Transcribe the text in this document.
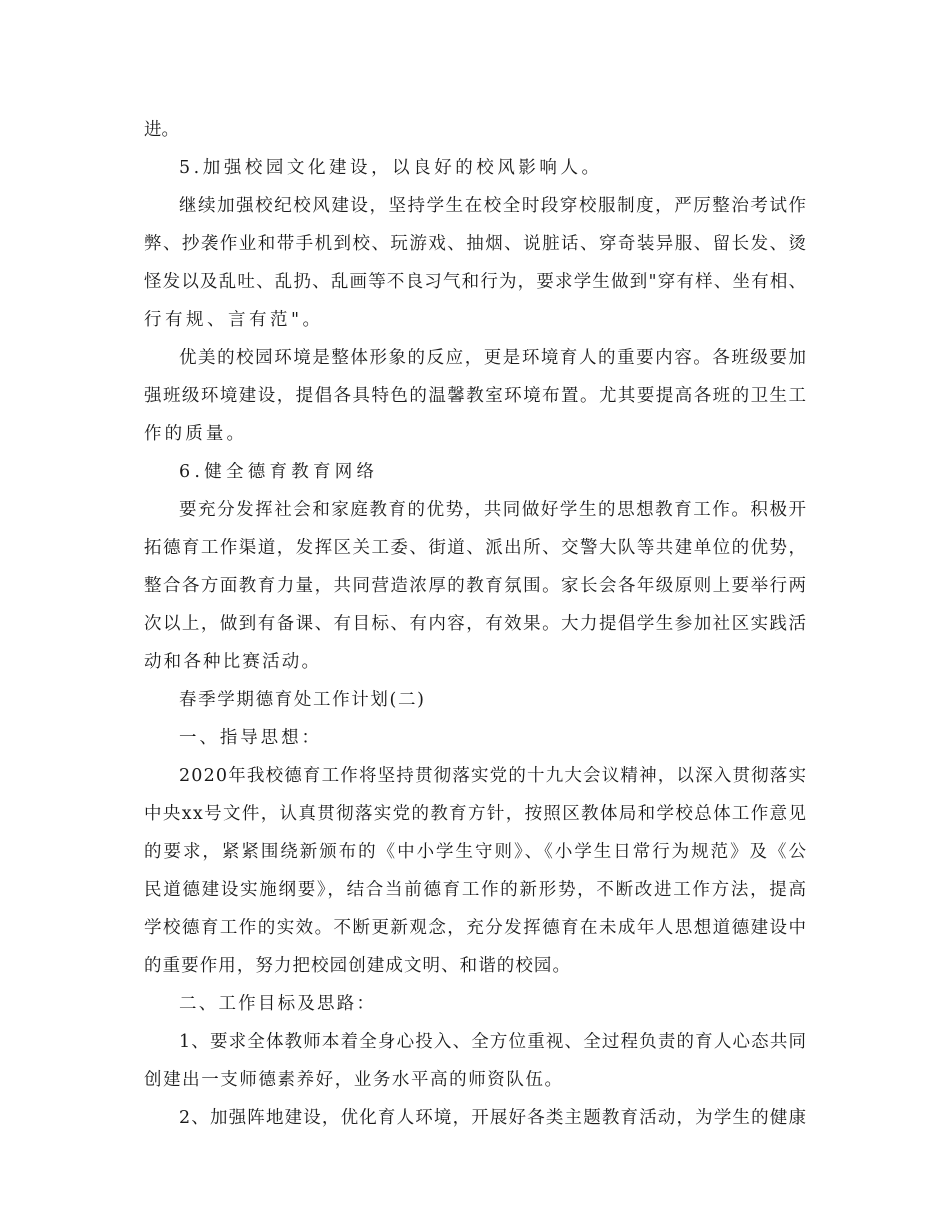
进。
5.加强校园文化建设，以良好的校风影响人。
继续加强校纪校风建设，坚持学生在校全时段穿校服制度，严厉整治考试作
弊、抄袭作业和带手机到校、玩游戏、抽烟、说脏话、穿奇装异服、留长发、烫
怪发以及乱吐、乱扔、乱画等不良习气和行为，要求学生做到"穿有样、坐有相、
行有规、言有范"。
优美的校园环境是整体形象的反应，更是环境育人的重要内容。各班级要加
强班级环境建设，提倡各具特色的温馨教室环境布置。尤其要提高各班的卫生工
作的质量。
6.健全德育教育网络
要充分发挥社会和家庭教育的优势，共同做好学生的思想教育工作。积极开
拓德育工作渠道，发挥区关工委、街道、派出所、交警大队等共建单位的优势，
整合各方面教育力量，共同营造浓厚的教育氛围。家长会各年级原则上要举行两
次以上，做到有备课、有目标、有内容，有效果。大力提倡学生参加社区实践活
动和各种比赛活动。
春季学期德育处工作计划(二)
一、指导思想：
2020年我校德育工作将坚持贯彻落实党的十九大会议精神，以深入贯彻落实
中央xx号文件，认真贯彻落实党的教育方针，按照区教体局和学校总体工作意见
的要求，紧紧围绕新颁布的《中小学生守则》、《小学生日常行为规范》及《公
民道德建设实施纲要》，结合当前德育工作的新形势，不断改进工作方法，提高
学校德育工作的实效。不断更新观念，充分发挥德育在未成年人思想道德建设中
的重要作用，努力把校园创建成文明、和谐的校园。
二、工作目标及思路：
1、要求全体教师本着全身心投入、全方位重视、全过程负责的育人心态共同
创建出一支师德素养好，业务水平高的师资队伍。
2、加强阵地建设，优化育人环境，开展好各类主题教育活动，为学生的健康
